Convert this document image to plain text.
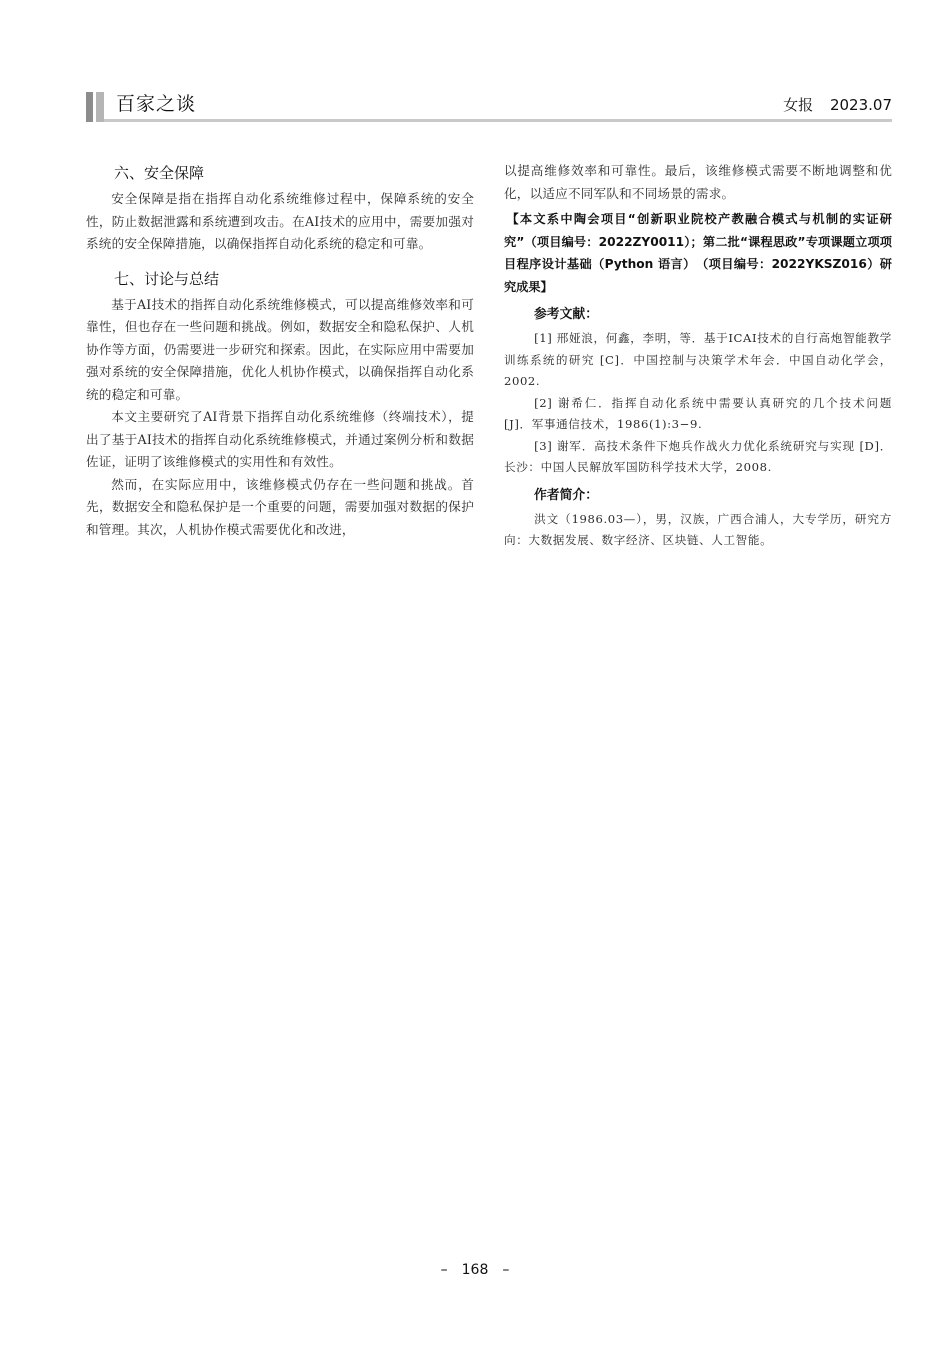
百家之谈	女报 2023.07
六、安全保障

安全保障是指在指挥自动化系统维修过程中，保障系统的安全性，防止数据泄露和系统遭到攻击。在AI技术的应用中，需要加强对系统的安全保障措施，以确保指挥自动化系统的稳定和可靠。

七、讨论与总结

基于AI技术的指挥自动化系统维修模式，可以提高维修效率和可靠性，但也存在一些问题和挑战。例如，数据安全和隐私保护、人机协作等方面，仍需要进一步研究和探索。因此，在实际应用中需要加强对系统的安全保障措施，优化人机协作模式，以确保指挥自动化系统的稳定和可靠。

本文主要研究了AI背景下指挥自动化系统维修（终端技术），提出了基于AI技术的指挥自动化系统维修模式，并通过案例分析和数据佐证，证明了该维修模式的实用性和有效性。

然而，在实际应用中，该维修模式仍存在一些问题和挑战。首先，数据安全和隐私保护是一个重要的问题，需要加强对数据的保护和管理。其次，人机协作模式需要优化和改进，

以提高维修效率和可靠性。最后，该维修模式需要不断地调整和优化，以适应不同军队和不同场景的需求。

【本文系中陶会项目“创新职业院校产教融合模式与机制的实证研究”（项目编号：2022ZY0011）；第二批“课程思政”专项课题立项项目程序设计基础（Python 语言）　（项目编号：2022YKSZ016）研究成果】

参考文献：

[1] 邢娅浪，何鑫，李明，等．基于ICAI技术的自行高炮智能教学训练系统的研究 [C]．中国控制与决策学术年会．中国自动化学会，2002.

[2] 谢希仁．指挥自动化系统中需要认真研究的几个技术问题 [J]．军事通信技术，1986(1):3−9.

[3] 谢军．高技术条件下炮兵作战火力优化系统研究与实现 [D]．长沙：中国人民解放军国防科学技术大学，2008.

作者简介：

洪文（1986.03—），男，汉族，广西合浦人，大专学历，研究方向：大数据发展、数字经济、区块链、人工智能。

– 168 –
